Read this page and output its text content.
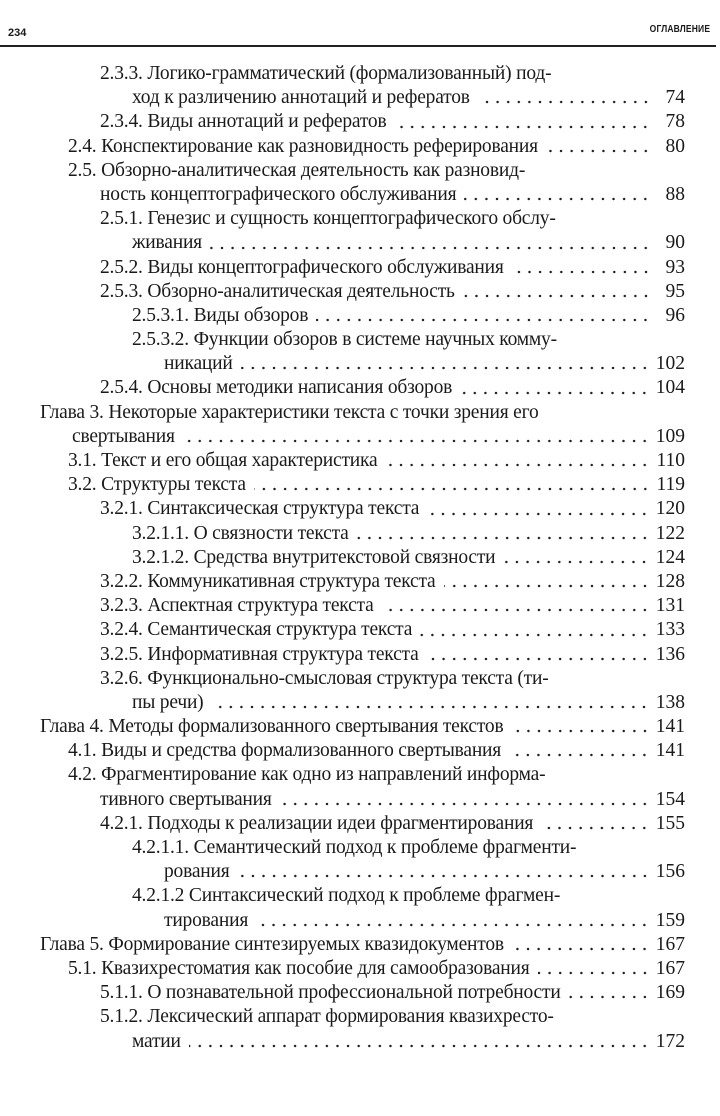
234	ОГЛАВЛЕНИЕ
2.3.3. Логико-грамматический (формализованный) под-
ход к различению аннотаций и рефератов	74
2.3.4. Виды аннотаций и рефератов	78
2.4. Конспектирование как разновидность реферирования	80
2.5. Обзорно-аналитическая деятельность как разновид-
ность концептографического обслуживания	88
2.5.1. Генезис и сущность концептографического обслу-
живания	90
2.5.2. Виды концептографического обслуживания	93
2.5.3. Обзорно-аналитическая деятельность	95
2.5.3.1. Виды обзоров	96
2.5.3.2. Функции обзоров в системе научных комму-
никаций	102
2.5.4. Основы методики написания обзоров	104
Глава 3. Некоторые характеристики текста с точки зрения его
свертывания	109
3.1. Текст и его общая характеристика	110
3.2. Структуры текста	119
3.2.1. Синтаксическая структура текста	120
3.2.1.1. О связности текста	122
3.2.1.2. Средства внутритекстовой связности	124
3.2.2. Коммуникативная структура текста	128
3.2.3. Аспектная структура текста	131
3.2.4. Семантическая структура текста	133
3.2.5. Информативная структура текста	136
3.2.6. Функционально-смысловая структура текста (ти-
пы речи)	138
Глава 4. Методы формализованного свертывания текстов	141
4.1. Виды и средства формализованного свертывания	141
4.2. Фрагментирование как одно из направлений информа-
тивного свертывания	154
4.2.1. Подходы к реализации идеи фрагментирования	155
4.2.1.1. Семантический подход к проблеме фрагменти-
рования	156
4.2.1.2 Синтаксический подход к проблеме фрагмен-
тирования	159
Глава 5. Формирование синтезируемых квазидокументов	167
5.1. Квазихрестоматия как пособие для самообразования	167
5.1.1. О познавательной профессиональной потребности	169
5.1.2. Лексический аппарат формирования квазихресто-
матии	172
